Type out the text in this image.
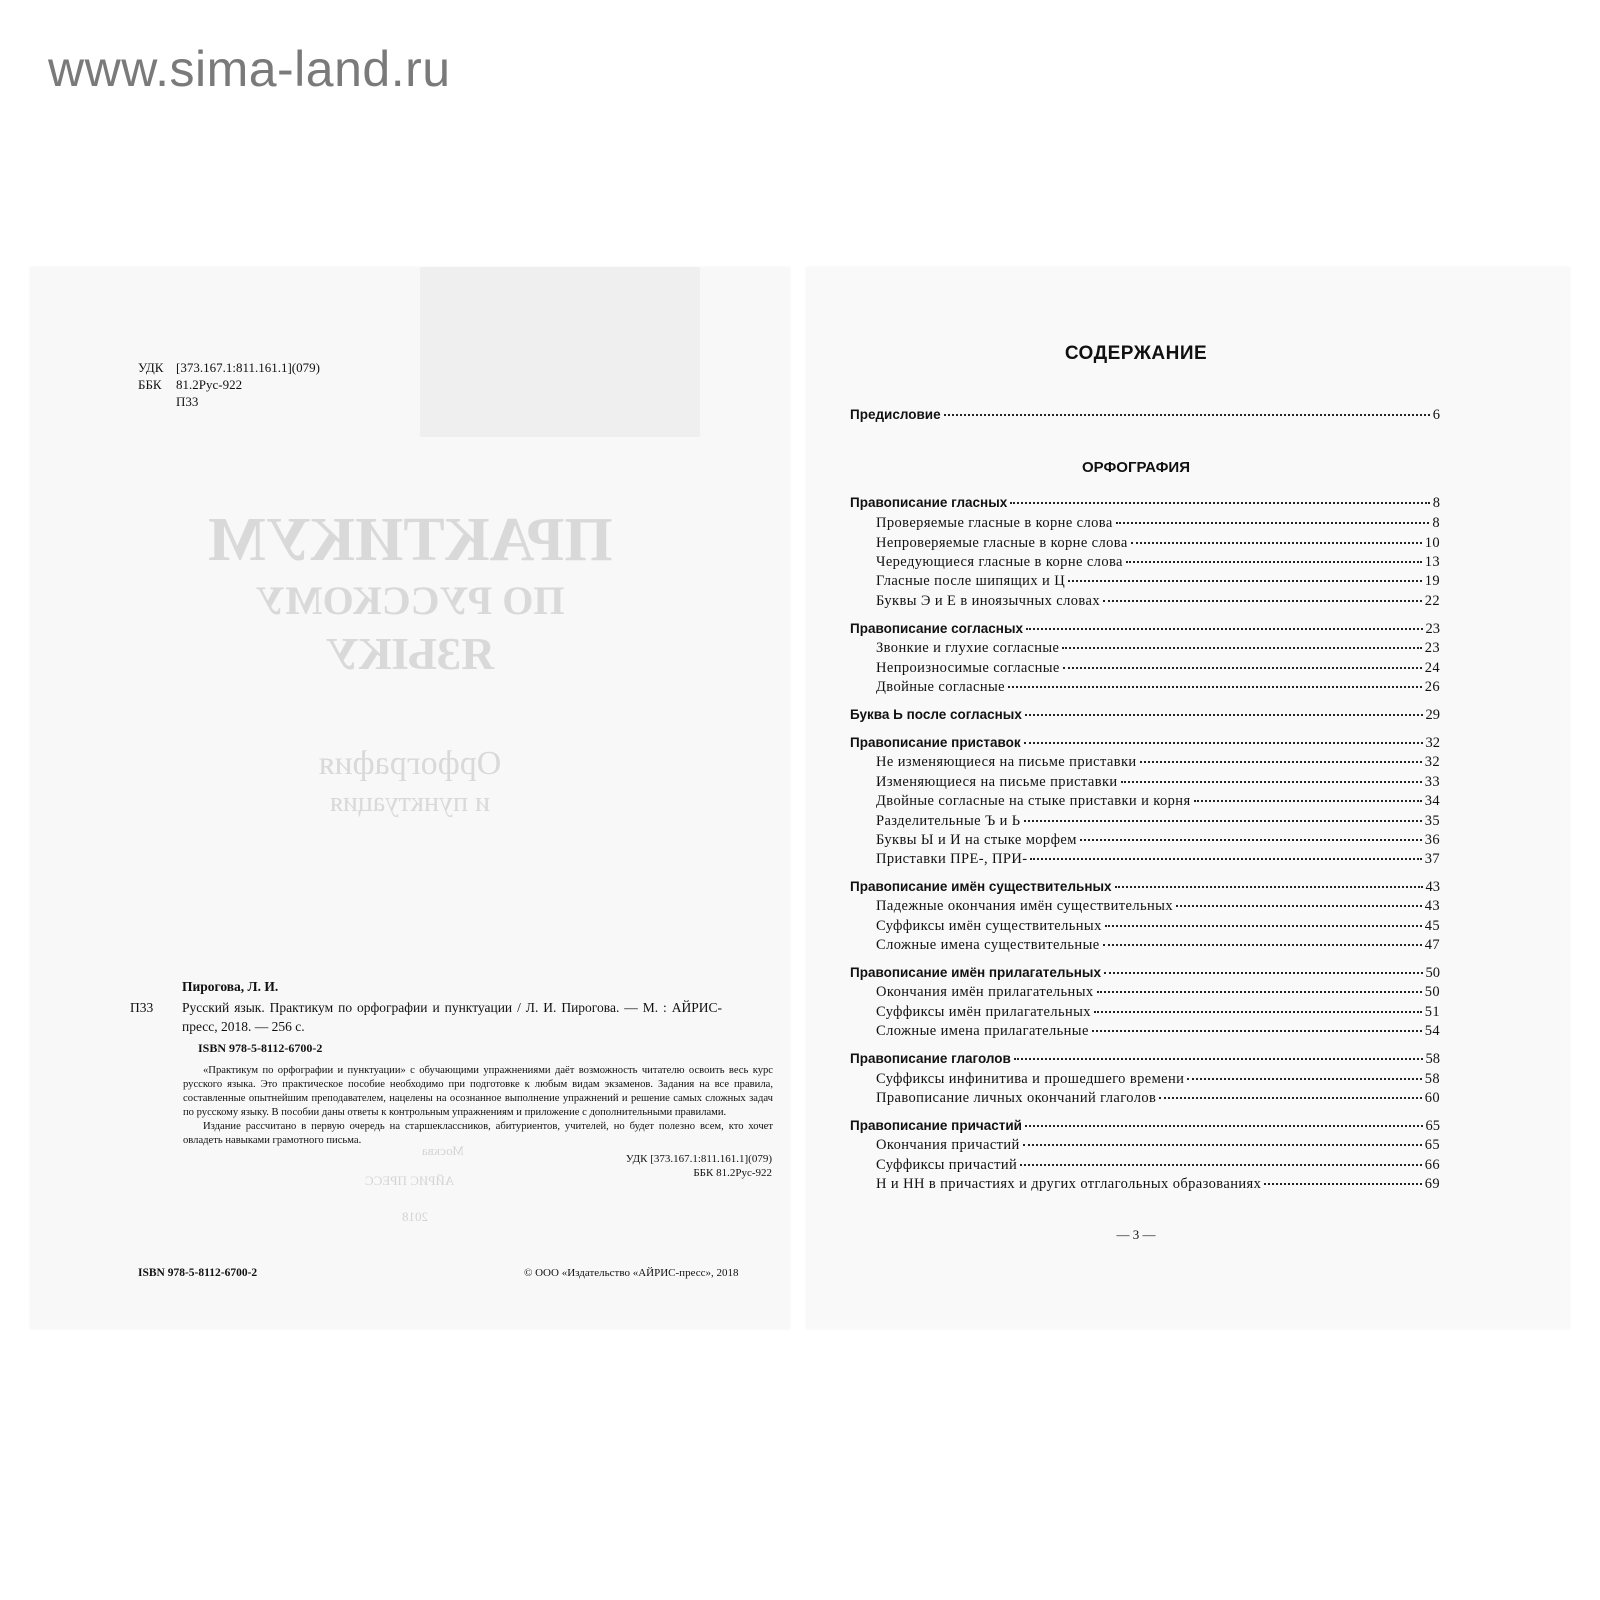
www.sima-land.ru
УДК [373.167.1:811.161.1](079)
ББК 81.2Рус-922
П33
ПРАКТИКУМ
ПО РУССКОМУ
ЯЗЫКУ
Орфография
и пунктуация
Москва
АЙРИС ПРЕСС
2018
Пирогова, Л. И.
П33 Русский язык. Практикум по орфографии и пунктуации / Л. И. Пирогова. — М. : АЙРИС-пресс, 2018. — 256 с.
ISBN 978-5-8112-6700-2

«Практикум по орфографии и пунктуации» с обучающими упражнениями даёт возможность читателю освоить весь курс русского языка. Это практическое пособие необходимо при подготовке к любым видам экзаменов. Задания на все правила, составленные опытнейшим преподавателем, нацелены на осознанное выполнение упражнений и решение самых сложных задач по русскому языку. В пособии даны ответы к контрольным упражнениям и приложение с дополнительными правилами.

Издание рассчитано в первую очередь на старшеклассников, абитуриентов, учителей, но будет полезно всем, кто хочет овладеть навыками грамотного письма.

УДК [373.167.1:811.161.1](079)
ББК 81.2Рус-922
ISBN 978-5-8112-6700-2	© ООО «Издательство «АЙРИС-пресс», 2018

СОДЕРЖАНИЕ
ОРФОГРАФИЯ
Предисловие	6
Правописание гласных	8
Проверяемые гласные в корне слова	8
Непроверяемые гласные в корне слова	10
Чередующиеся гласные в корне слова	13
Гласные после шипящих и Ц	19
Буквы Э и Е в иноязычных словах	22
Правописание согласных	23
Звонкие и глухие согласные	23
Непроизносимые согласные	24
Двойные согласные	26
Буква Ь после согласных	29
Правописание приставок	32
Не изменяющиеся на письме приставки	32
Изменяющиеся на письме приставки	33
Двойные согласные на стыке приставки и корня	34
Разделительные Ъ и Ь	35
Буквы Ы и И на стыке морфем	36
Приставки ПРЕ-, ПРИ-	37
Правописание имён существительных	43
Падежные окончания имён существительных	43
Суффиксы имён существительных	45
Сложные имена существительные	47
Правописание имён прилагательных	50
Окончания имён прилагательных	50
Суффиксы имён прилагательных	51
Сложные имена прилагательные	54
Правописание глаголов	58
Суффиксы инфинитива и прошедшего времени	58
Правописание личных окончаний глаголов	60
Правописание причастий	65
Окончания причастий	65
Суффиксы причастий	66
Н и НН в причастиях и других отглагольных образованиях	69
— 3 —
